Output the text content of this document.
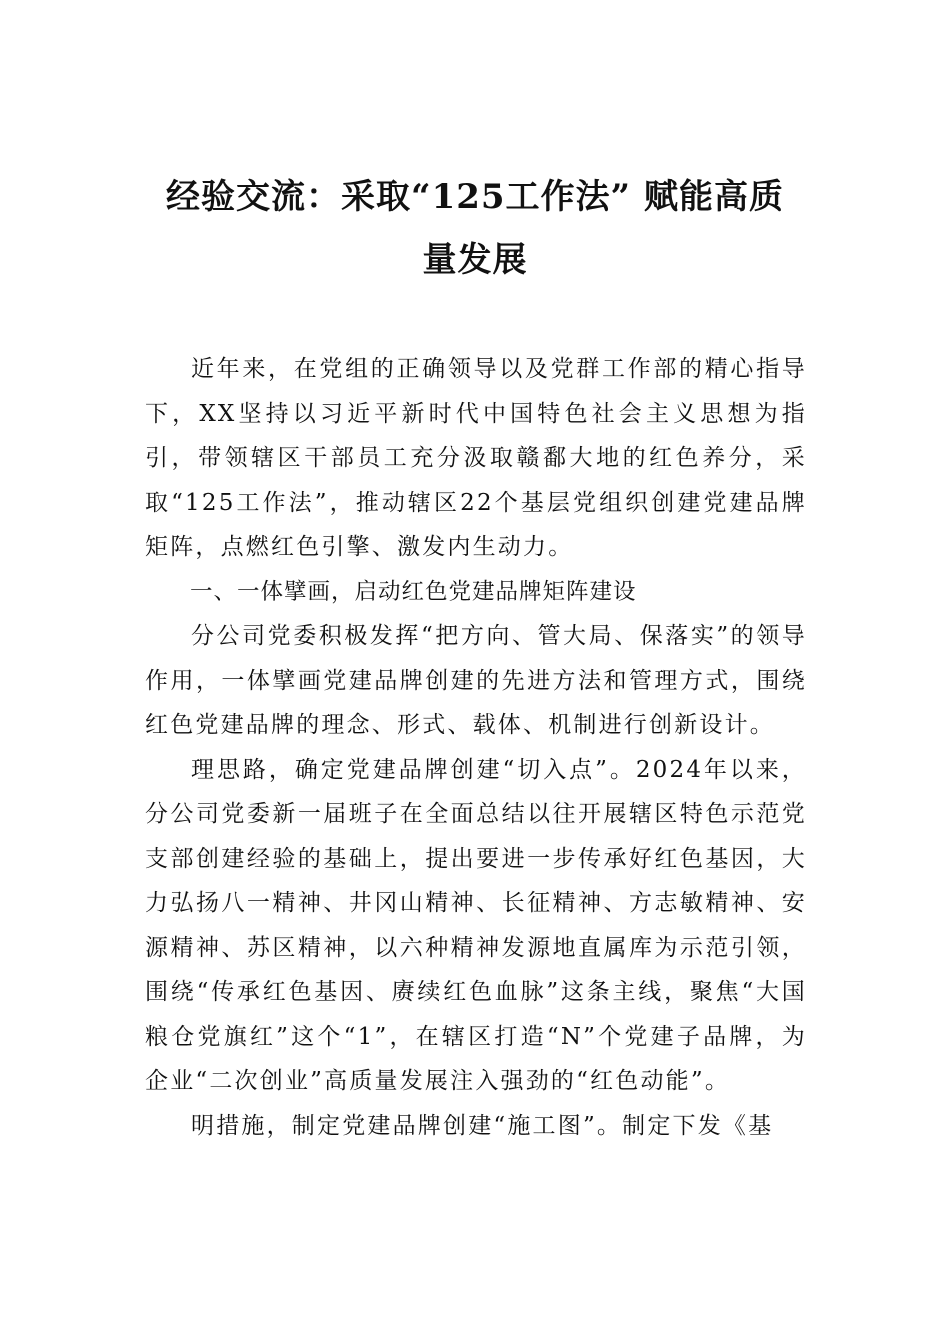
经验交流：采取“125工作法” 赋能高质
量发展

近年来，在党组的正确领导以及党群工作部的精心指导下，XX坚持以习近平新时代中国特色社会主义思想为指引，带领辖区干部员工充分汲取赣鄱大地的红色养分，采取“125工作法”，推动辖区22个基层党组织创建党建品牌矩阵，点燃红色引擎、激发内生动力。

一、一体擘画，启动红色党建品牌矩阵建设

分公司党委积极发挥“把方向、管大局、保落实”的领导作用，一体擘画党建品牌创建的先进方法和管理方式，围绕红色党建品牌的理念、形式、载体、机制进行创新设计。

理思路，确定党建品牌创建“切入点”。2024年以来，分公司党委新一届班子在全面总结以往开展辖区特色示范党支部创建经验的基础上，提出要进一步传承好红色基因，大力弘扬八一精神、井冈山精神、长征精神、方志敏精神、安源精神、苏区精神，以六种精神发源地直属库为示范引领，围绕“传承红色基因、赓续红色血脉”这条主线，聚焦“大国粮仓党旗红”这个“1”，在辖区打造“N”个党建子品牌，为企业“二次创业”高质量发展注入强劲的“红色动能”。

明措施，制定党建品牌创建“施工图”。制定下发《基
